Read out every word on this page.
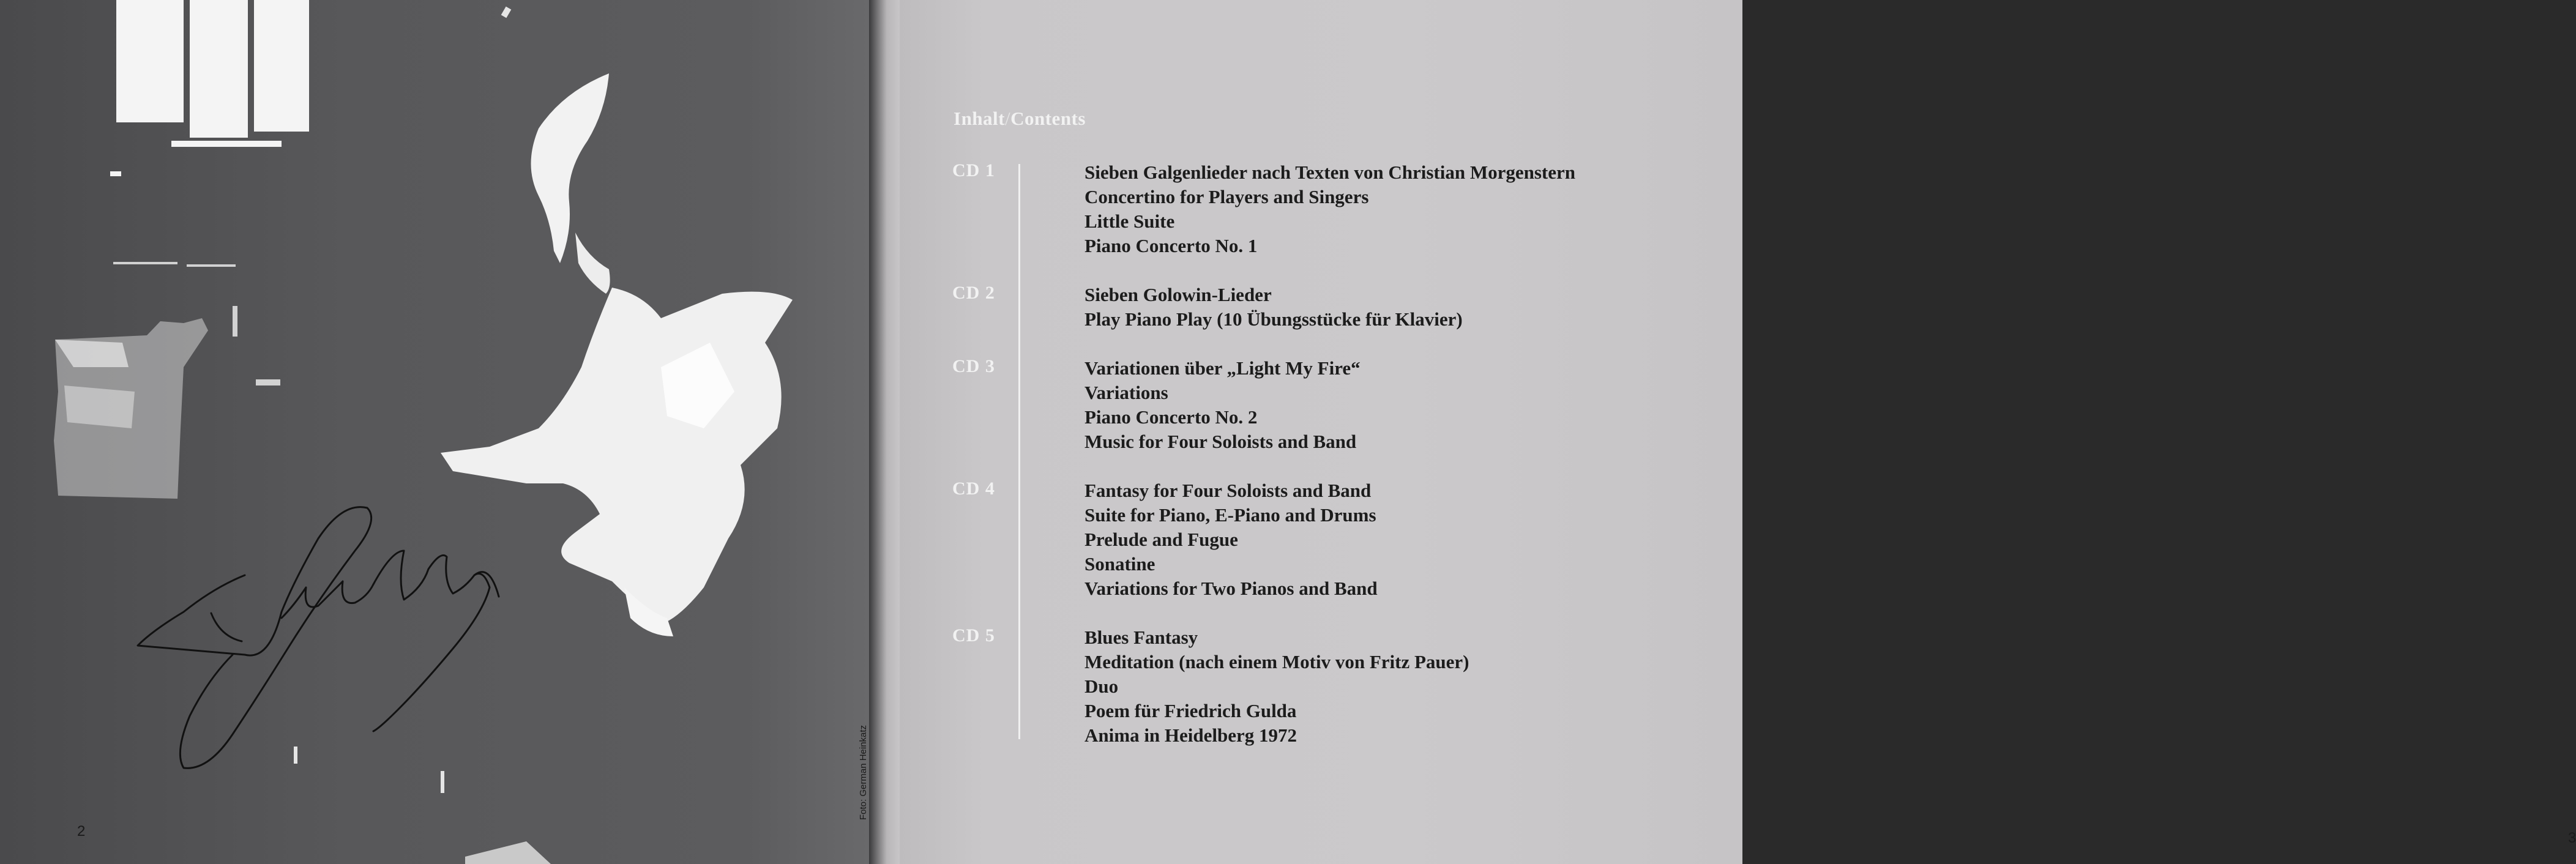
Foto: German Heinkatz
2
Inhalt/Contents
CD 1	Sieben Galgenlieder nach Texten von Christian Morgenstern
Concertino for Players and Singers
Little Suite
Piano Concerto No. 1
CD 2	Sieben Golowin-Lieder
Play Piano Play (10 Übungsstücke für Klavier)
CD 3	Variationen über „Light My Fire“
Variations
Piano Concerto No. 2
Music for Four Soloists and Band
CD 4	Fantasy for Four Soloists and Band
Suite for Piano, E-Piano and Drums
Prelude and Fugue
Sonatine
Variations for Two Pianos and Band
CD 5	Blues Fantasy
Meditation (nach einem Motiv von Fritz Pauer)
Duo
Poem für Friedrich Gulda
Anima in Heidelberg 1972
3
